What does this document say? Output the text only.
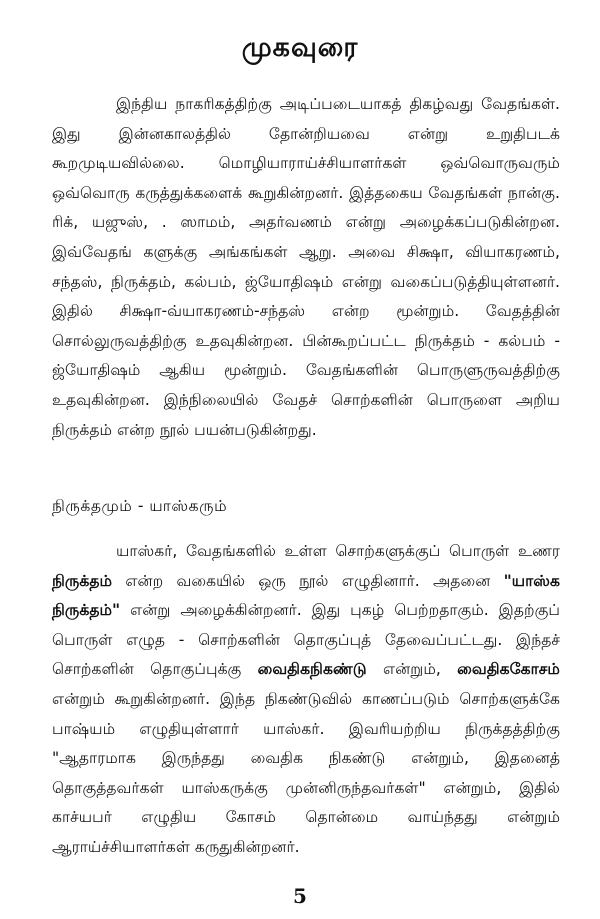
முகவுரை

இந்திய நாகரிகத்திற்கு அடிப்படையாகத் திகழ்வது வேதங்கள். இது இன்னகாலத்தில் தோன்றியவை என்று உறுதிபடக் கூறமுடியவில்லை. மொழியாராய்ச்சியாளர்கள் ஒவ்வொருவரும் ஒவ்வொரு கருத்துக்களைக் கூறுகின்றனர். இத்தகைய வேதங்கள் நான்கு. ரிக், யஜுஸ், . ஸாமம், அதர்வணம் என்று அழைக்கப்படுகின்றன. இவ்வேதங் களுக்கு அங்கங்கள் ஆறு. அவை சிக்ஷா, வியாகரணம், சந்தஸ், நிருக்தம், கல்பம், ஜ்யோதிஷம் என்று வகைப்படுத்தியுள்ளனர். இதில் சிக்ஷா-வ்யாகரணம்-சந்தஸ் என்ற மூன்றும். வேதத்தின் சொல்லுருவத்திற்கு உதவுகின்றன. பின்கூறப்பட்ட நிருக்தம் - கல்பம் - ஜ்யோதிஷம் ஆகிய மூன்றும். வேதங்களின் பொருளுருவத்திற்கு உதவுகின்றன. இந்நிலையில் வேதச் சொற்களின் பொருளை அறிய நிருக்தம் என்ற நூல் பயன்படுகின்றது.

நிருக்தமும் - யாஸ்கரும்

யாஸ்கர், வேதங்களில் உள்ள சொற்களுக்குப் பொருள் உணர நிருக்தம் என்ற வகையில் ஒரு நூல் எழுதினார். அதனை "யாஸ்க நிருக்தம்" என்று அழைக்கின்றனர். இது புகழ் பெற்றதாகும். இதற்குப் பொருள் எழுத - சொற்களின் தொகுப்புத் தேவைப்பட்டது. இந்தச் சொற்களின் தொகுப்புக்கு வைதிகநிகண்டு என்றும், வைதிககோசம் என்றும் கூறுகின்றனர். இந்த நிகண்டுவில் காணப்படும் சொற்களுக்கே பாஷ்யம் எழுதியுள்ளார் யாஸ்கர். இவரியற்றிய நிருக்தத்திற்கு "ஆதாரமாக இருந்தது வைதிக நிகண்டு என்றும், இதனைத் தொகுத்தவர்கள் யாஸ்கருக்கு முன்னிருந்தவர்கள்" என்றும், இதில் காச்யபர் எழுதிய கோசம் தொன்மை வாய்ந்தது என்றும் ஆராய்ச்சியாளர்கள் கருதுகின்றனர்.

5
